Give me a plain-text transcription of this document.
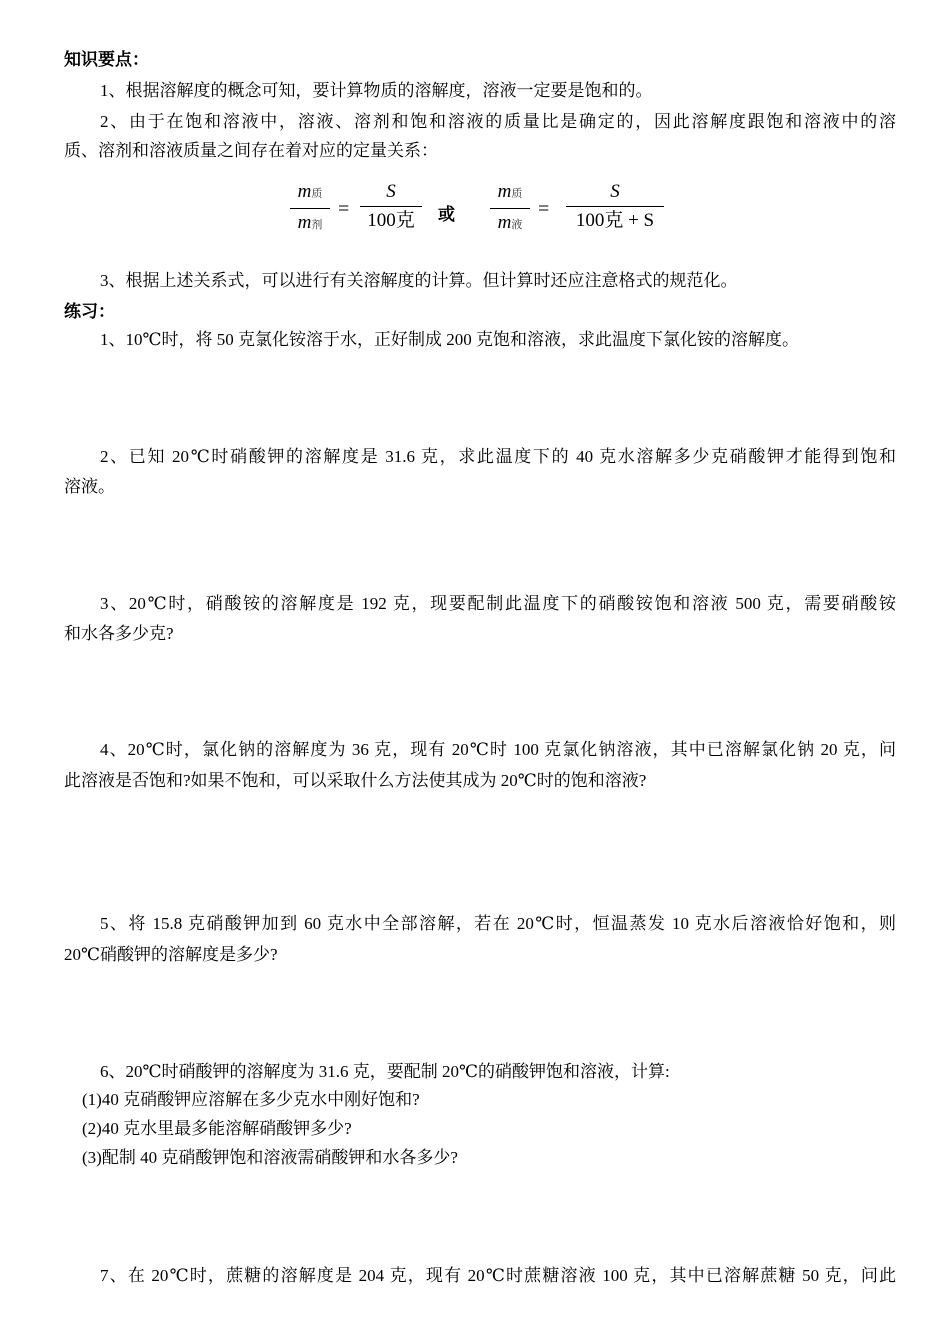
知识要点：
1、根据溶解度的概念可知，要计算物质的溶解度，溶液一定要是饱和的。
2、由于在饱和溶液中，溶液、溶剂和饱和溶液的质量比是确定的，因此溶解度跟饱和溶液中的溶
质、溶剂和溶液质量之间存在着对应的定量关系：
m质
m剂
=
S
100克	或
m质
m液
=
S
100克 + S
3、根据上述关系式，可以进行有关溶解度的计算。但计算时还应注意格式的规范化。
练习：
1、10℃时，将 50 克氯化铵溶于水，正好制成 200 克饱和溶液，求此温度下氯化铵的溶解度。
2、已知 20℃时硝酸钾的溶解度是 31.6 克，求此温度下的 40 克水溶解多少克硝酸钾才能得到饱和
溶液。
3、20℃时，硝酸铵的溶解度是 192 克，现要配制此温度下的硝酸铵饱和溶液 500 克，需要硝酸铵
和水各多少克?
4、20℃时，氯化钠的溶解度为 36 克，现有 20℃时 100 克氯化钠溶液，其中已溶解氯化钠 20 克，问
此溶液是否饱和?如果不饱和，可以采取什么方法使其成为 20℃时的饱和溶液?
5、将 15.8 克硝酸钾加到 60 克水中全部溶解，若在 20℃时，恒温蒸发 10 克水后溶液恰好饱和，则
20℃硝酸钾的溶解度是多少?
6、20℃时硝酸钾的溶解度为 31.6 克，要配制 20℃的硝酸钾饱和溶液，计算:
(1)40 克硝酸钾应溶解在多少克水中刚好饱和?
(2)40 克水里最多能溶解硝酸钾多少?
(3)配制 40 克硝酸钾饱和溶液需硝酸钾和水各多少?
7、在 20℃时，蔗糖的溶解度是 204 克，现有 20℃时蔗糖溶液 100 克，其中已溶解蔗糖 50 克，问此
